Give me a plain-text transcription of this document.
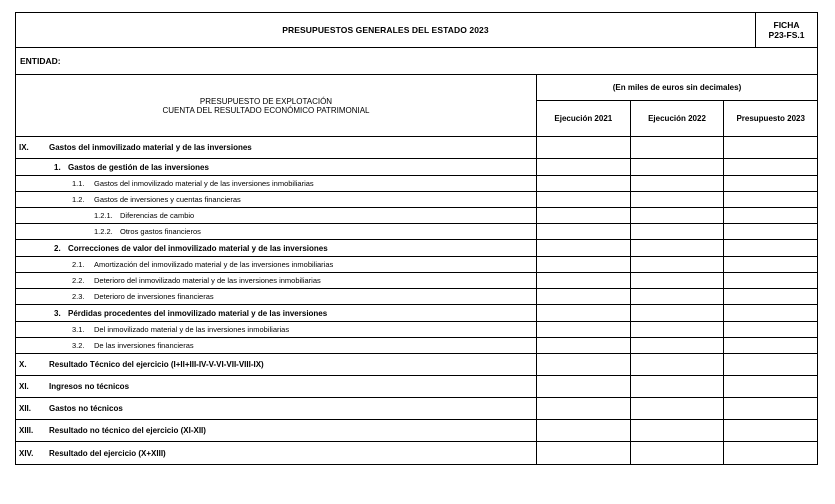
PRESUPUESTOS GENERALES DEL ESTADO 2023	FICHA
P23-FS.1
ENTIDAD:
PRESUPUESTO DE EXPLOTACIÓN
CUENTA DEL RESULTADO ECONÓMICO PATRIMONIAL
(En miles de euros sin decimales)
Ejecución 2021	Ejecución 2022	Presupuesto 2023
IX.	Gastos del inmovilizado material y de las inversiones
1. Gastos de gestión de las inversiones
1.1.	Gastos del inmovilizado material y de las inversiones inmobiliarias
1.2.	Gastos de inversiones y cuentas financieras
1.2.1. Diferencias de cambio
1.2.2. Otros gastos financieros
2. Correcciones de valor del inmovilizado material y de las inversiones
2.1.	Amortización del inmovilizado material y de las inversiones inmobiliarias
2.2.	Deterioro del inmovilizado material y de las inversiones inmobiliarias
2.3.	Deterioro de inversiones financieras
3. Pérdidas procedentes del inmovilizado material y de las inversiones
3.1.	Del inmovilizado material y de las inversiones inmobiliarias
3.2.	De las inversiones financieras
X.	Resultado Técnico del ejercicio (I+II+III-IV-V-VI-VII-VIII-IX)
XI.	Ingresos no técnicos
XII.	Gastos no técnicos
XIII.	Resultado no técnico del ejercicio (XI-XII)
XIV.	Resultado del ejercicio (X+XIII)
